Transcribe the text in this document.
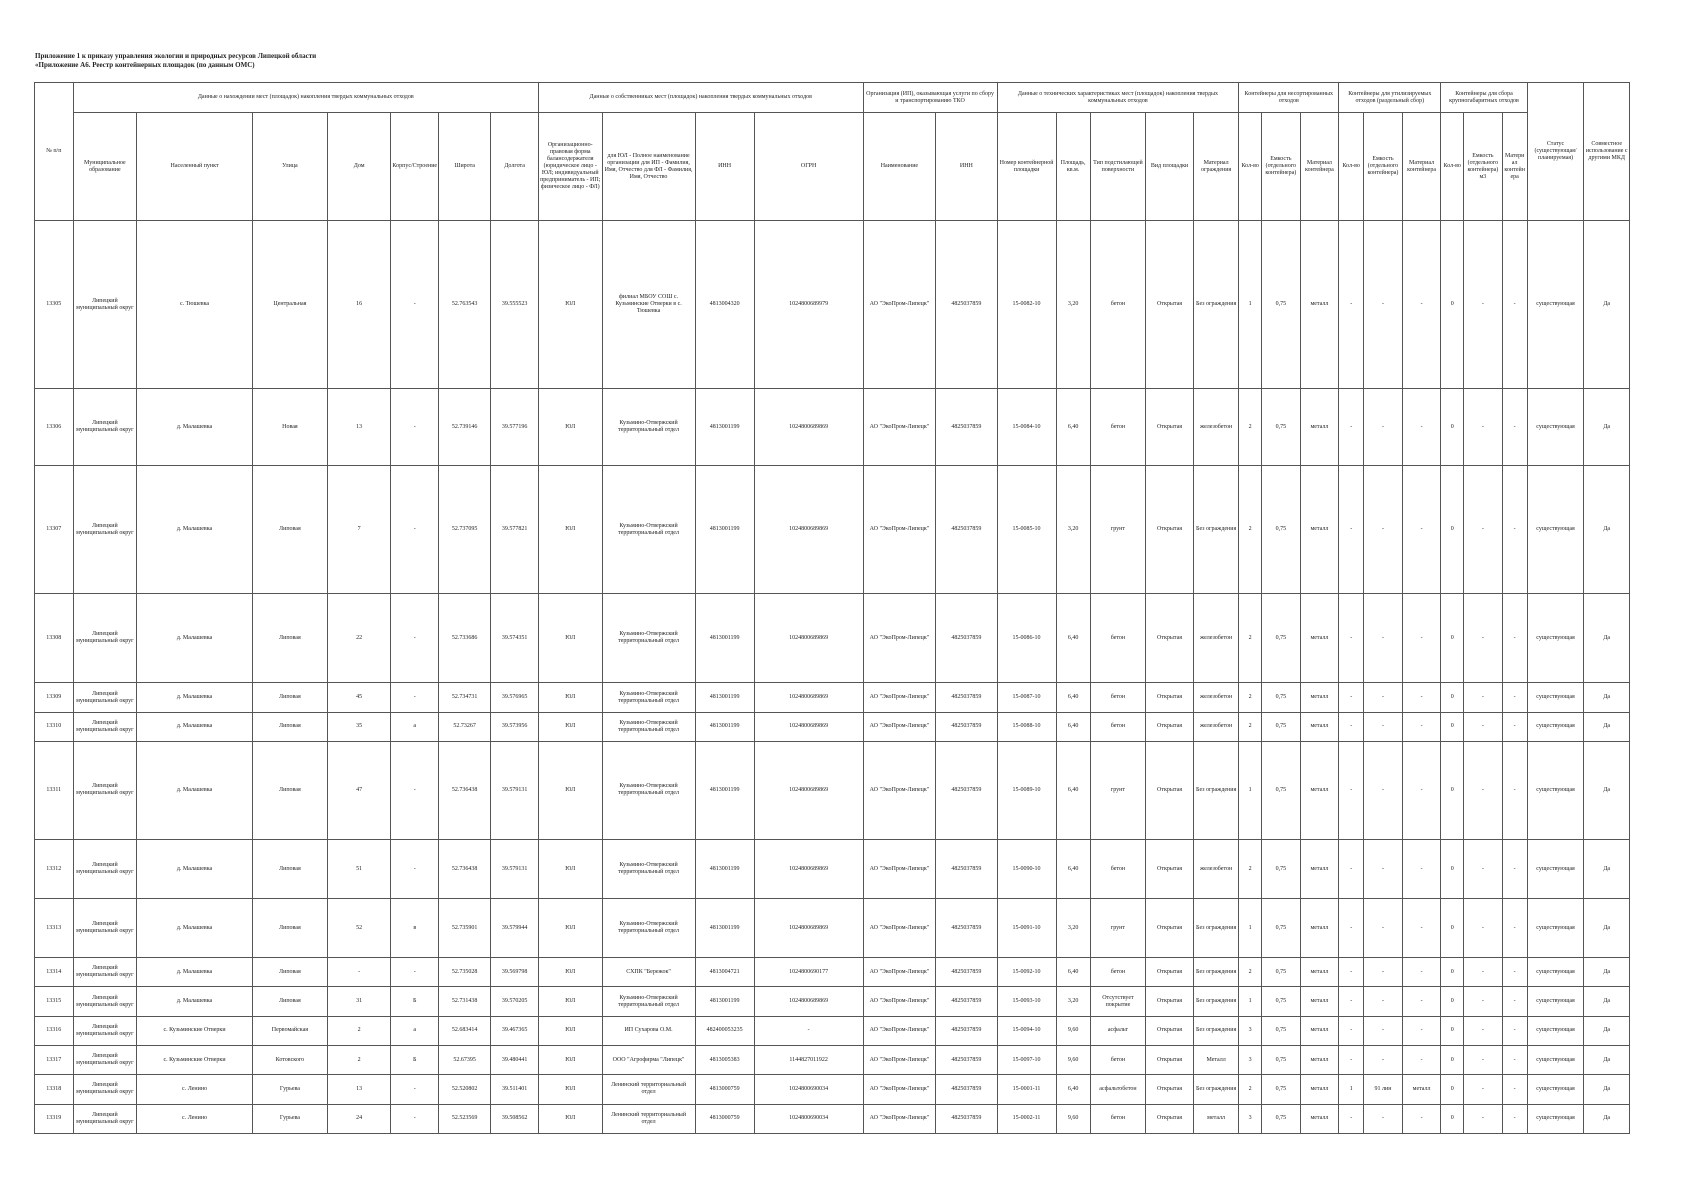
Приложение 1 к приказу управления экологии и природных ресурсов Липецкой области
«Приложение А6. Реестр контейнерных площадок (по данным ОМС)
№ п/п	Данные о нахождении мест (площадок) накопления твердых коммунальных отходов							Данные о собственниках мест (площадок) накопления твердых коммунальных отходов				Организация (ИП), оказывающая услуги по сбору и транспортированию ТКО		Данные о технических характеристиках мест (площадок) накопления твердых коммунальных отходов					Контейнеры для несортированных отходов			Контейнеры для утилизируемых отходов (раздельный сбор)			Контейнеры для сбора крупногабаритных отходов			Статус (существующая/планируемая)	Совместное использование с другими МКД
	Муниципальное образование	Населенный пункт	Улица	Дом	Корпус/Строение	Широта	Долгота	Организационно-правовая форма балансодержателя (юридическое лицо - ЮЛ; индивидуальный предприниматель - ИП; физическое лицо - ФЛ)	для ЮЛ - Полное наименование организации для ИП - Фамилия, Имя, Отчество для ФЛ - Фамилия, Имя, Отчество	ИНН	ОГРН	Наименование	ИНН	Номер контейнерной площадки	Площадь, кв.м.	Тип подстилающей поверхности	Вид площадки	Материал ограждения	Кол-во	Емкость (отдельного контейнера)	Материал контейнера	Кол-во	Емкость (отдельного контейнера)	Материал контейнера	Кол-во	Емкость (отдельного контейнера) м3	Материал контейнера		
13305	Липецкий муниципальный округ	с. Тюшевка	Центральная	16	-	52.763543	39.555523	ЮЛ	филиал МБОУ СОШ с. Кузьминские Отверки в с. Тюшевка	4813004320	1024800689979	АО "ЭкоПром-Липецк"	4825037859	15-0082-10	3,20	бетон	Открытая	Без ограждения	1	0,75	металл	-	-	-	0	-	-	существующая	Да
13306	Липецкий муниципальный округ	д. Малашевка	Новая	13	-	52.739146	39.577196	ЮЛ	Кузьмино-Отвержский территориальный отдел	4813001199	1024800689869	АО "ЭкоПром-Липецк"	4825037859	15-0084-10	6,40	бетон	Открытая	железобетон	2	0,75	металл	-	-	-	0	-	-	существующая	Да
13307	Липецкий муниципальный округ	д. Малашевка	Липовая	7	-	52.737095	39.577821	ЮЛ	Кузьмино-Отвержский территориальный отдел	4813001199	1024800689869	АО "ЭкоПром-Липецк"	4825037859	15-0085-10	3,20	грунт	Открытая	Без ограждения	2	0,75	металл	-	-	-	0	-	-	существующая	Да
13308	Липецкий муниципальный округ	д. Малашевка	Липовая	22	-	52.733686	39.574351	ЮЛ	Кузьмино-Отвержский территориальный отдел	4813001199	1024800689869	АО "ЭкоПром-Липецк"	4825037859	15-0086-10	6,40	бетон	Открытая	железобетон	2	0,75	металл	-	-	-	0	-	-	существующая	Да
13309	Липецкий муниципальный округ	д. Малашевка	Липовая	45	-	52.734731	39.576965	ЮЛ	Кузьмино-Отвержский территориальный отдел	4813001199	1024800689869	АО "ЭкоПром-Липецк"	4825037859	15-0087-10	6,40	бетон	Открытая	железобетон	2	0,75	металл	-	-	-	0	-	-	существующая	Да
13310	Липецкий муниципальный округ	д. Малашевка	Липовая	35	а	52.73267	39.573956	ЮЛ	Кузьмино-Отвержский территориальный отдел	4813001199	1024800689869	АО "ЭкоПром-Липецк"	4825037859	15-0088-10	6,40	бетон	Открытая	железобетон	2	0,75	металл	-	-	-	0	-	-	существующая	Да
13311	Липецкий муниципальный округ	д. Малашевка	Липовая	47	-	52.736438	39.579131	ЮЛ	Кузьмино-Отвержский территориальный отдел	4813001199	1024800689869	АО "ЭкоПром-Липецк"	4825037859	15-0089-10	6,40	грунт	Открытая	Без ограждения	1	0,75	металл	-	-	-	0	-	-	существующая	Да
13312	Липецкий муниципальный округ	д. Малашевка	Липовая	51	-	52.736438	39.579131	ЮЛ	Кузьмино-Отвержский территориальный отдел	4813001199	1024800689869	АО "ЭкоПром-Липецк"	4825037859	15-0090-10	6,40	бетон	Открытая	железобетон	2	0,75	металл	-	-	-	0	-	-	существующая	Да
13313	Липецкий муниципальный округ	д. Малашевка	Липовая	52	в	52.735901	39.579944	ЮЛ	Кузьмино-Отвержский территориальный отдел	4813001199	1024800689869	АО "ЭкоПром-Липецк"	4825037859	15-0091-10	3,20	грунт	Открытая	Без ограждения	1	0,75	металл	-	-	-	0	-	-	существующая	Да
13314	Липецкий муниципальный округ	д. Малашевка	Липовая	-	-	52.735028	39.569798	ЮЛ	СХПК "Бережок"	4813004721	1024800690177	АО "ЭкоПром-Липецк"	4825037859	15-0092-10	6,40	бетон	Открытая	Без ограждения	2	0,75	металл	-	-	-	0	-	-	существующая	Да
13315	Липецкий муниципальный округ	д. Малашевка	Липовая	31	Б	52.731438	39.570205	ЮЛ	Кузьмино-Отвержский территориальный отдел	4813001199	1024800689869	АО "ЭкоПром-Липецк"	4825037859	15-0093-10	3,20	Отсутствует покрытие	Открытая	Без ограждения	1	0,75	металл	-	-	-	0	-	-	существующая	Да
13316	Липецкий муниципальный округ	с. Кузьминские Отверки	Первомайская	2	а	52.683414	39.467365	ЮЛ	ИП Сухарова О.М.	482400053235	-	АО "ЭкоПром-Липецк"	4825037859	15-0094-10	9,60	асфальт	Открытая	Без ограждения	3	0,75	металл	-	-	-	0	-	-	существующая	Да
13317	Липецкий муниципальный округ	с. Кузьминские Отверки	Котовского	2	Б	52.67395	39.480441	ЮЛ	ООО "Агрофирма "Липецк"	4813005383	1144827011922	АО "ЭкоПром-Липецк"	4825037859	15-0097-10	9,60	бетон	Открытая	Металл	3	0,75	металл	-	-	-	0	-	-	существующая	Да
13318	Липецкий муниципальный округ	с. Ленино	Гурьева	13	-	52.520802	39.511401	ЮЛ	Ленинский территориальный отдел	4813000759	1024800690034	АО "ЭкоПром-Липецк"	4825037859	15-0001-11	6,40	асфальтобетон	Открытая	Без ограждения	2	0,75	металл	1	91 лин	металл	0	-	-	существующая	Да
13319	Липецкий муниципальный округ	с. Ленино	Гурьева	24	-	52.523569	39.508562	ЮЛ	Ленинский территориальный отдел	4813000759	1024800690034	АО "ЭкоПром-Липецк"	4825037859	15-0002-11	9,60	бетон	Открытая	металл	3	0,75	металл	-	-	-	0	-	-	существующая	Да
